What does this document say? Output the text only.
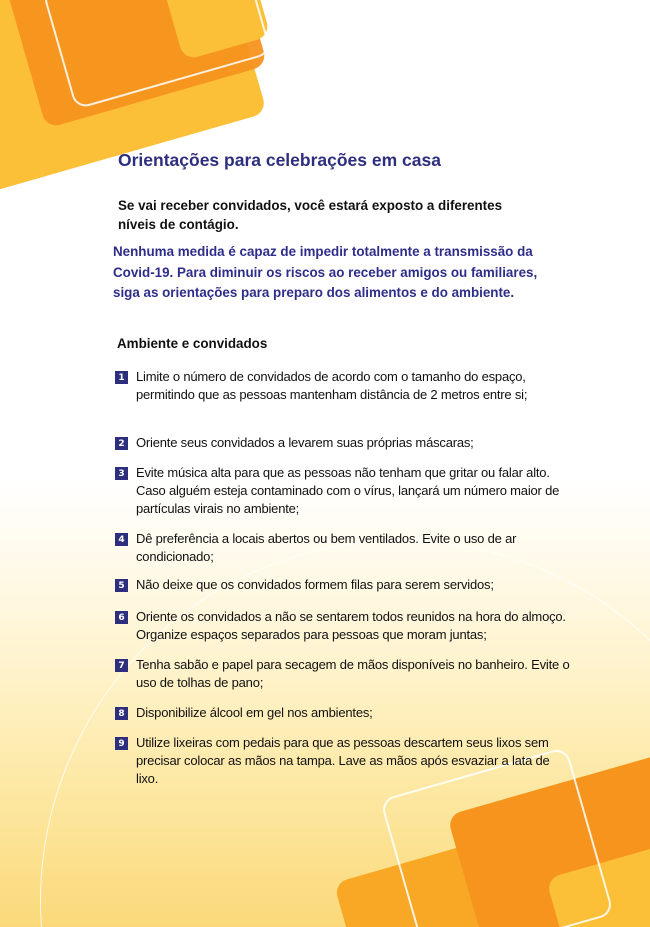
Orientações para celebrações em casa

Se vai receber convidados, você estará exposto a diferentes níveis de contágio.

Nenhuma medida é capaz de impedir totalmente a transmissão da Covid-19. Para diminuir os riscos ao receber amigos ou familiares, siga as orientações para preparo dos alimentos e do ambiente.

Ambiente e convidados
1 Limite o número de convidados de acordo com o tamanho do espaço, permitindo que as pessoas mantenham distância de 2 metros entre si;
2 Oriente seus convidados a levarem suas próprias máscaras;
3 Evite música alta para que as pessoas não tenham que gritar ou falar alto. Caso alguém esteja contaminado com o vírus, lançará um número maior de partículas virais no ambiente;
4 Dê preferência a locais abertos ou bem ventilados. Evite o uso de ar condicionado;
5 Não deixe que os convidados formem filas para serem servidos;
6 Oriente os convidados a não se sentarem todos reunidos na hora do almoço. Organize espaços separados para pessoas que moram juntas;
7 Tenha sabão e papel para secagem de mãos disponíveis no banheiro. Evite o uso de tolhas de pano;
8 Disponibilize álcool em gel nos ambientes;
9 Utilize lixeiras com pedais para que as pessoas descartem seus lixos sem precisar colocar as mãos na tampa. Lave as mãos após esvaziar a lata de lixo.
